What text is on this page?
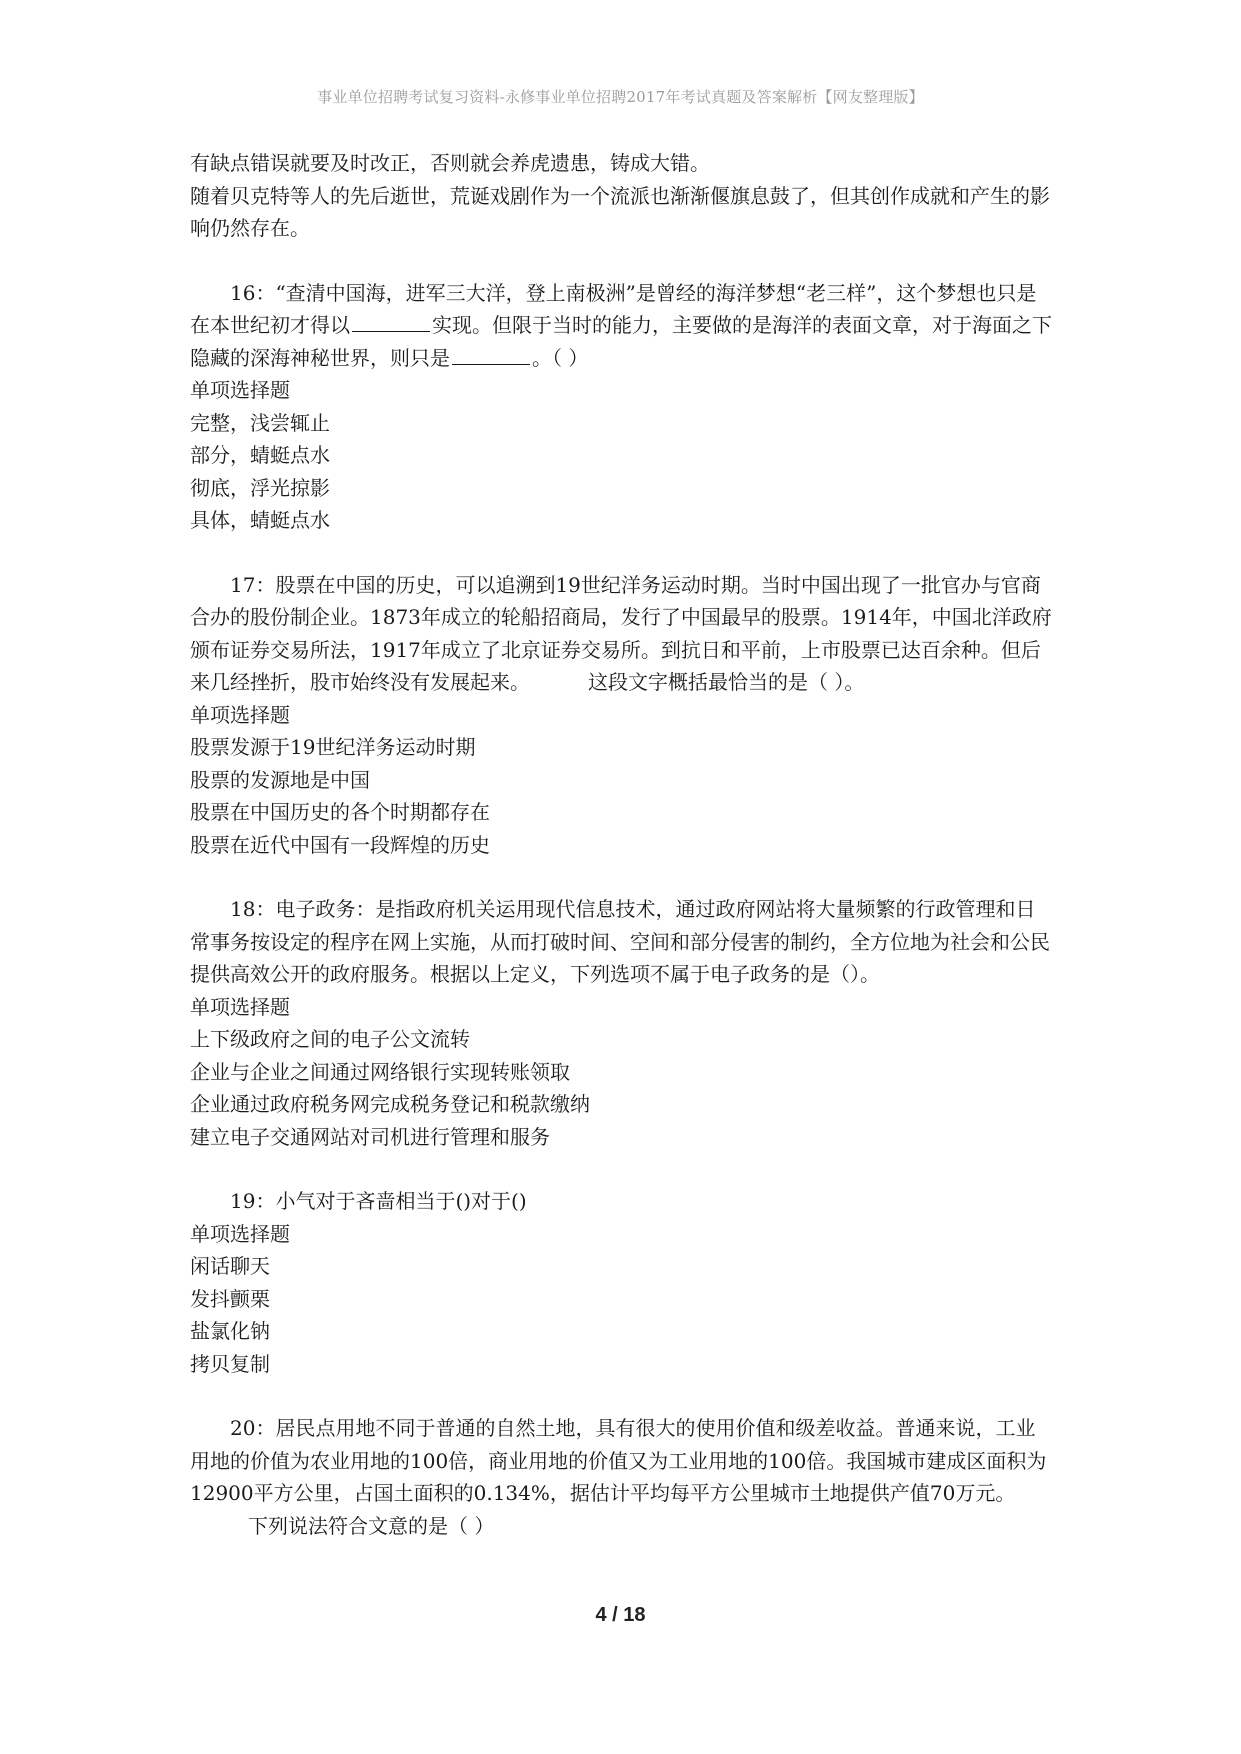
事业单位招聘考试复习资料-永修事业单位招聘2017年考试真题及答案解析【网友整理版】

有缺点错误就要及时改正，否则就会养虎遗患，铸成大错。

随着贝克特等人的先后逝世，荒诞戏剧作为一个流派也渐渐偃旗息鼓了，但其创作成就和产生的影响仍然存在。

16：“查清中国海，进军三大洋，登上南极洲”是曾经的海洋梦想“老三样”，这个梦想也只是在本世纪初才得以	实现。但限于当时的能力，主要做的是海洋的表面文章，对于海面之下隐藏的深海神秘世界，则只是	。（ ）

单项选择题

完整，浅尝辄止

部分，蜻蜓点水

彻底，浮光掠影

具体，蜻蜓点水

17：股票在中国的历史，可以追溯到19世纪洋务运动时期。当时中国出现了一批官办与官商合办的股份制企业。1873年成立的轮船招商局，发行了中国最早的股票。1914年，中国北洋政府颁布证券交易所法，1917年成立了北京证券交易所。到抗日和平前，上市股票已达百余种。但后来几经挫折，股市始终没有发展起来。	这段文字概括最恰当的是（ ）。

单项选择题

股票发源于19世纪洋务运动时期

股票的发源地是中国

股票在中国历史的各个时期都存在

股票在近代中国有一段辉煌的历史

18：电子政务：是指政府机关运用现代信息技术，通过政府网站将大量频繁的行政管理和日常事务按设定的程序在网上实施，从而打破时间、空间和部分侵害的制约，全方位地为社会和公民提供高效公开的政府服务。根据以上定义，下列选项不属于电子政务的是（）。

单项选择题

上下级政府之间的电子公文流转

企业与企业之间通过网络银行实现转账领取

企业通过政府税务网完成税务登记和税款缴纳

建立电子交通网站对司机进行管理和服务

19：小气对于吝啬相当于()对于()

单项选择题

闲话聊天

发抖颤栗

盐氯化钠

拷贝复制

20：居民点用地不同于普通的自然土地，具有很大的使用价值和级差收益。普通来说，工业用地的价值为农业用地的100倍，商业用地的价值又为工业用地的100倍。我国城市建成区面积为12900平方公里，占国土面积的0.134%，据估计平均每平方公里城市土地提供产值70万元。下列说法符合文意的是（ ）

4 / 18
